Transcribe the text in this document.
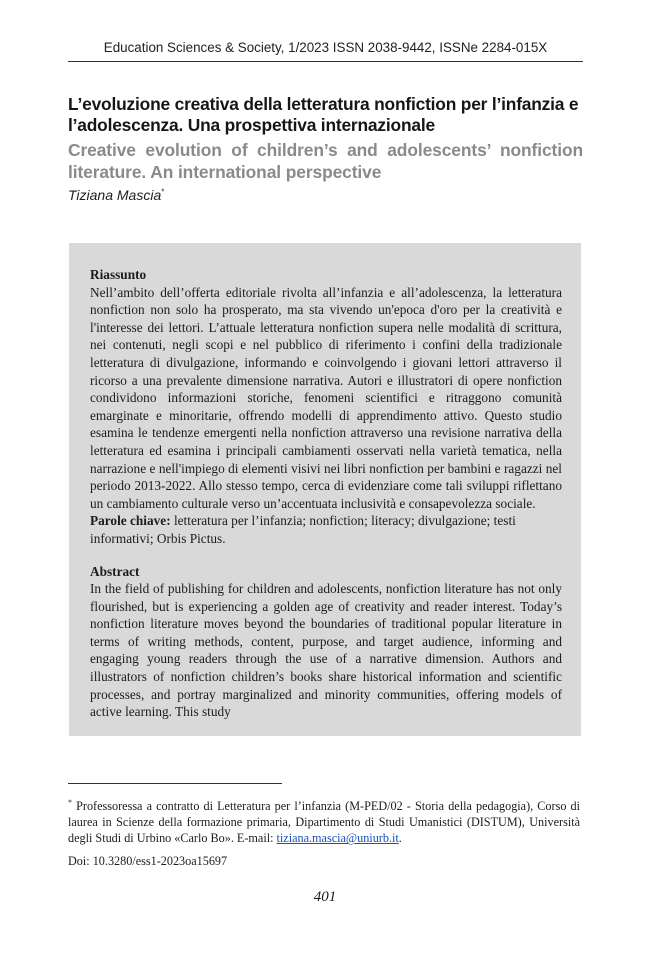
Education Sciences & Society, 1/2023 ISSN 2038-9442, ISSNe 2284-015X
L’evoluzione creativa della letteratura nonfiction per l’infanzia e l’adolescenza. Una prospettiva internazionale
Creative evolution of children’s and adolescents’ nonfiction literature. An international perspective
Tiziana Mascia*
Riassunto

Nell’ambito dell’offerta editoriale rivolta all’infanzia e all’adolescenza, la letteratura nonfiction non solo ha prosperato, ma sta vivendo un'epoca d'oro per la creatività e l'interesse dei lettori. L’attuale letteratura nonfiction supera nelle modalità di scrittura, nei contenuti, negli scopi e nel pubblico di riferimento i confini della tradizionale letteratura di divulgazione, informando e coinvolgendo i giovani lettori attraverso il ricorso a una prevalente dimensione narrativa. Autori e illustratori di opere nonfiction condividono informazioni storiche, fenomeni scientifici e ritraggono comunità emarginate e minoritarie, offrendo modelli di apprendimento attivo. Questo studio esamina le tendenze emergenti nella nonfiction attraverso una revisione narrativa della letteratura ed esamina i principali cambiamenti osservati nella varietà tematica, nella narrazione e nell'impiego di elementi visivi nei libri nonfiction per bambini e ragazzi nel periodo 2013-2022. Allo stesso tempo, cerca di evidenziare come tali sviluppi riflettano un cambiamento culturale verso un’accentuata inclusività e consapevolezza sociale.

Parole chiave: letteratura per l’infanzia; nonfiction; literacy; divulgazione; testi informativi; Orbis Pictus.

Abstract

In the field of publishing for children and adolescents, nonfiction literature has not only flourished, but is experiencing a golden age of creativity and reader interest. Today’s nonfiction literature moves beyond the boundaries of traditional popular literature in terms of writing methods, content, purpose, and target audience, informing and engaging young readers through the use of a narrative dimension. Authors and illustrators of nonfiction children’s books share historical information and scientific processes, and portray marginalized and minority communities, offering models of active learning. This study

* Professoressa a contratto di Letteratura per l’infanzia (M-PED/02 - Storia della pedagogia), Corso di laurea in Scienze della formazione primaria, Dipartimento di Studi Umanistici (DISTUM), Università degli Studi di Urbino «Carlo Bo». E-mail: tiziana.mascia@uniurb.it.
Doi: 10.3280/ess1-2023oa15697
401
